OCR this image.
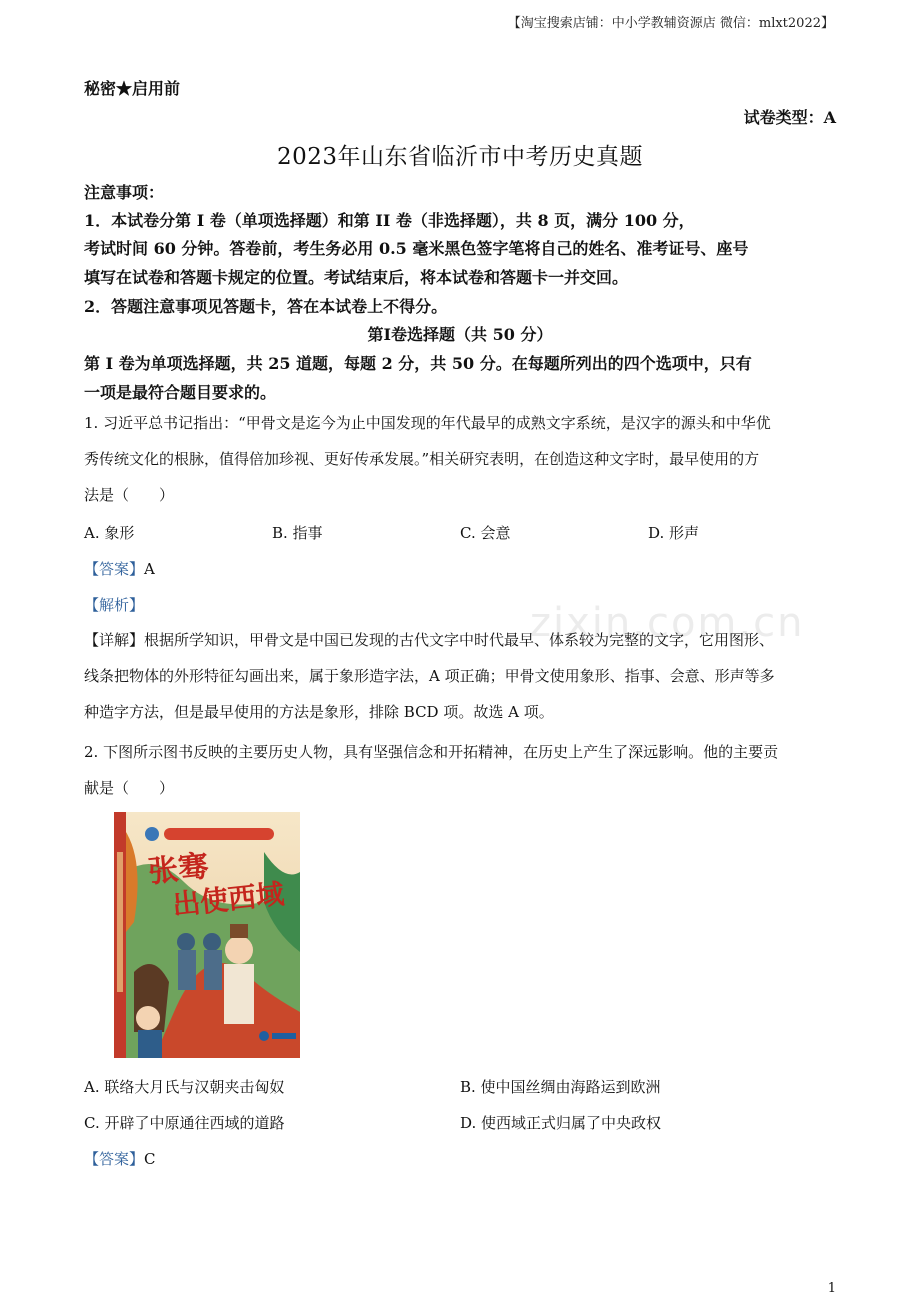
【淘宝搜索店铺：中小学教辅资源店 微信：mlxt2022】
zixin.com.cn
秘密★启用前
试卷类型：A
2023年山东省临沂市中考历史真题
注意事项：
1．本试卷分第 I 卷（单项选择题）和第 II 卷（非选择题），共 8 页，满分 100 分，
考试时间 60 分钟。答卷前，考生务必用 0.5 毫米黑色签字笔将自己的姓名、准考证号、座号
填写在试卷和答题卡规定的位置。考试结束后，将本试卷和答题卡一并交回。
2．答题注意事项见答题卡，答在本试卷上不得分。
第Ⅰ卷选择题（共 50 分）
第 I 卷为单项选择题，共 25 道题，每题 2 分，共 50 分。在每题所列出的四个选项中，只有
一项是最符合题目要求的。
1. 习近平总书记指出：“甲骨文是迄今为止中国发现的年代最早的成熟文字系统，是汉字的源头和中华优
秀传统文化的根脉，值得倍加珍视、更好传承发展。”相关研究表明，在创造这种文字时，最早使用的方
法是（　　）
A. 象形	B. 指事	C. 会意	D. 形声
【答案】A
【解析】
【详解】根据所学知识，甲骨文是中国已发现的古代文字中时代最早、体系较为完整的文字，它用图形、
线条把物体的外形特征勾画出来，属于象形造字法，A 项正确；甲骨文使用象形、指事、会意、形声等多
种造字方法，但是最早使用的方法是象形，排除 BCD 项。故选 A 项。
2. 下图所示图书反映的主要历史人物，具有坚强信念和开拓精神，在历史上产生了深远影响。他的主要贡
献是（　　）
张骞
出使西域
A. 联络大月氏与汉朝夹击匈奴	B. 使中国丝绸由海路运到欧洲
C. 开辟了中原通往西域的道路	D. 使西域正式归属了中央政权
【答案】C
1
